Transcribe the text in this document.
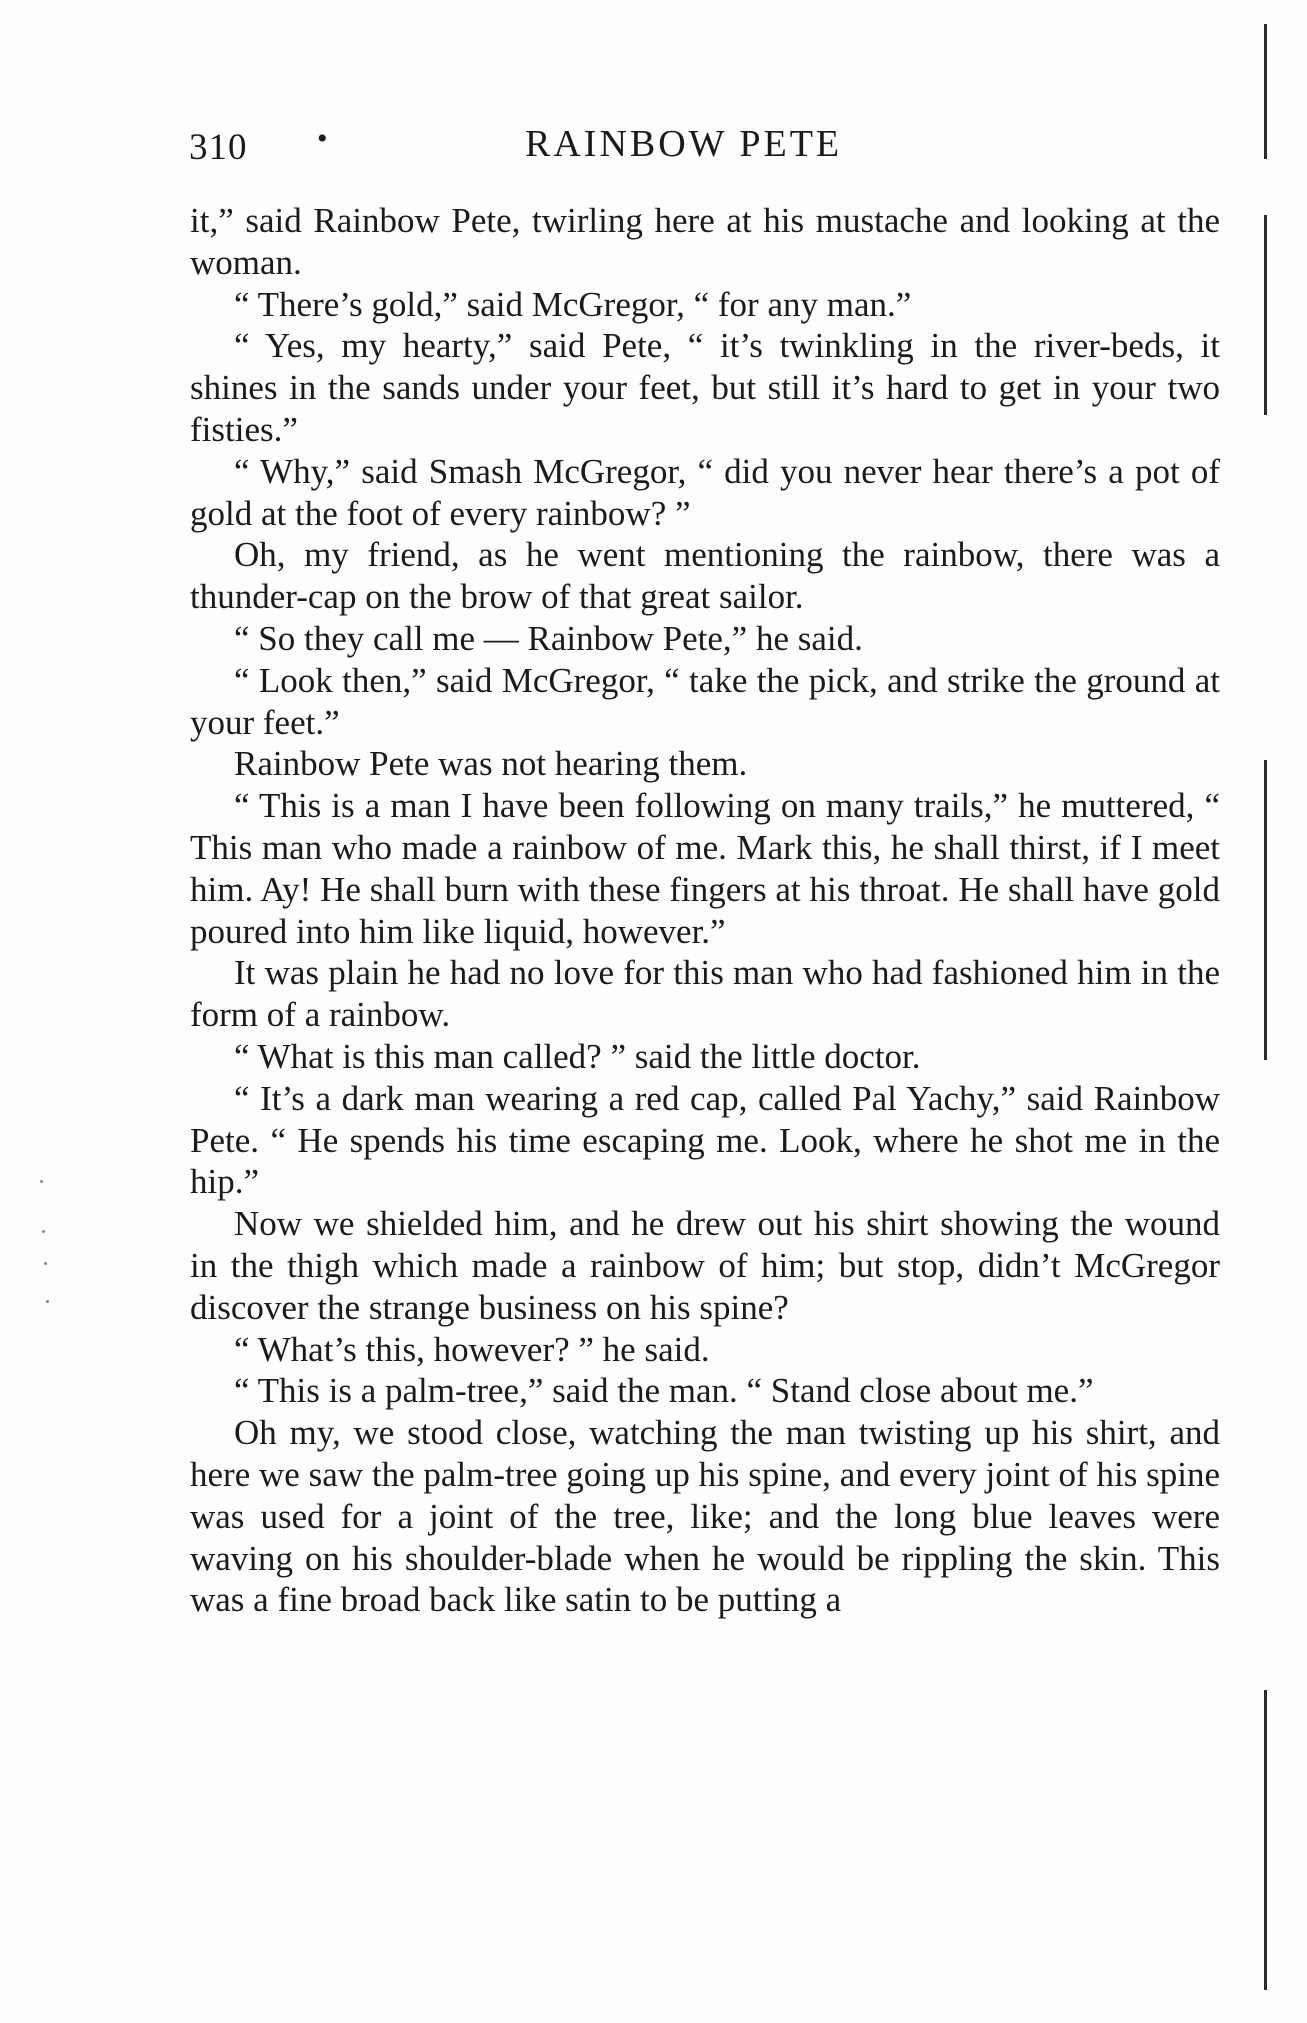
310 •	RAINBOW PETE

it,” said Rainbow Pete, twirling here at his mustache and looking at the woman.

“ There’s gold,” said McGregor, “ for any man.”

“ Yes, my hearty,” said Pete, “ it’s twinkling in the river-beds, it shines in the sands under your feet, but still it’s hard to get in your two fisties.”

“ Why,” said Smash McGregor, “ did you never hear there’s a pot of gold at the foot of every rainbow? ”

Oh, my friend, as he went mentioning the rainbow, there was a thunder-cap on the brow of that great sailor.

“ So they call me — Rainbow Pete,” he said.

“ Look then,” said McGregor, “ take the pick, and strike the ground at your feet.”

Rainbow Pete was not hearing them.

“ This is a man I have been following on many trails,” he muttered, “ This man who made a rainbow of me. Mark this, he shall thirst, if I meet him. Ay! He shall burn with these fingers at his throat. He shall have gold poured into him like liquid, however.”

It was plain he had no love for this man who had fashioned him in the form of a rainbow.

“ What is this man called? ” said the little doctor.

“ It’s a dark man wearing a red cap, called Pal Yachy,” said Rainbow Pete. “ He spends his time escaping me. Look, where he shot me in the hip.”

Now we shielded him, and he drew out his shirt showing the wound in the thigh which made a rainbow of him; but stop, didn’t McGregor discover the strange business on his spine?

“ What’s this, however? ” he said.

“ This is a palm-tree,” said the man. “ Stand close about me.”

Oh my, we stood close, watching the man twisting up his shirt, and here we saw the palm-tree going up his spine, and every joint of his spine was used for a joint of the tree, like; and the long blue leaves were waving on his shoulder-blade when he would be rippling the skin. This was a fine broad back like satin to be putting a
